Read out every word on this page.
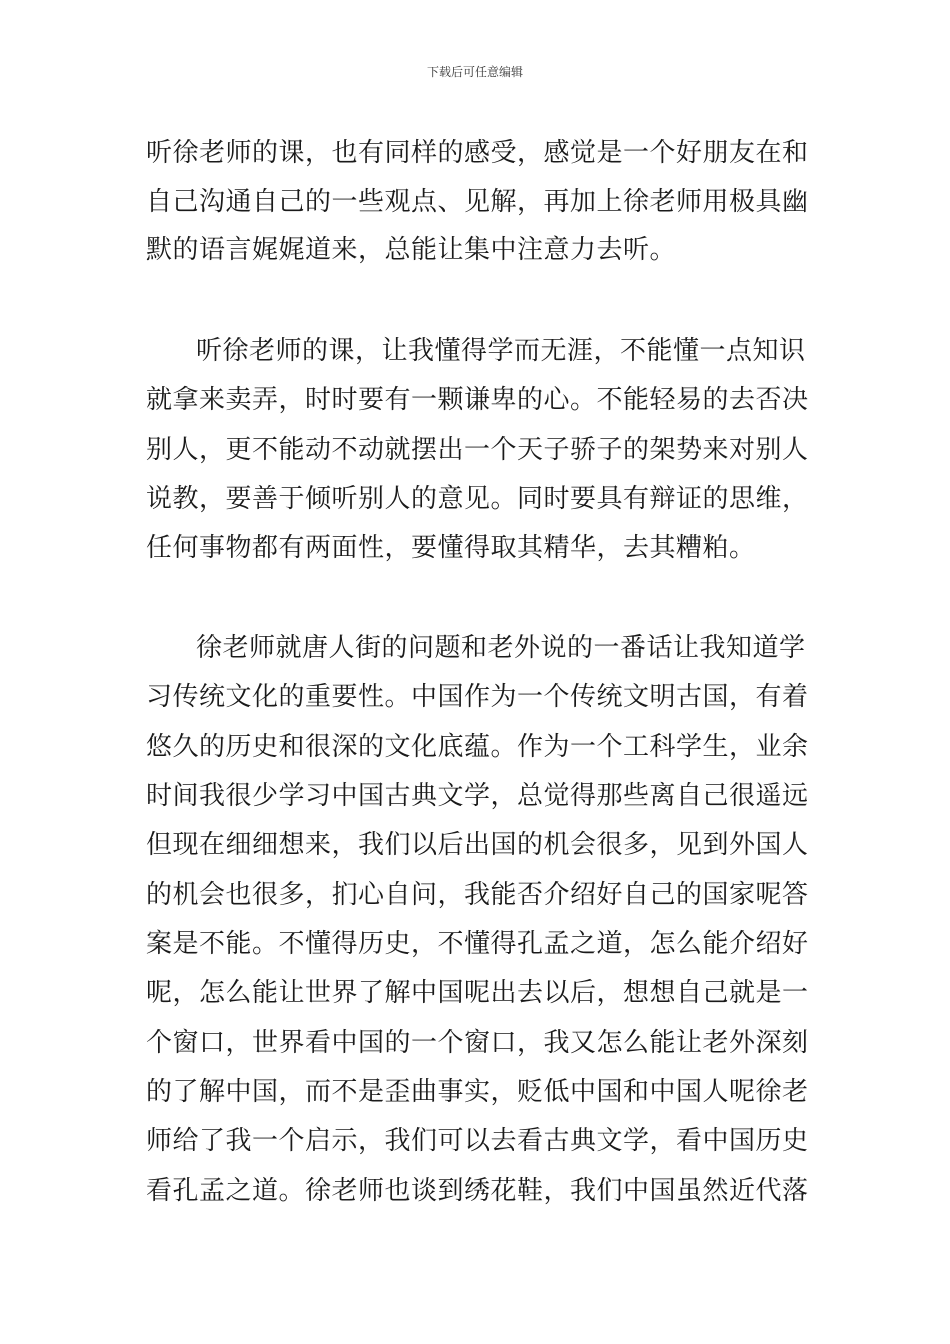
下载后可任意编辑
听徐老师的课，也有同样的感受，感觉是一个好朋友在和
自己沟通自己的一些观点、见解，再加上徐老师用极具幽
默的语言娓娓道来，总能让集中注意力去听。
听徐老师的课，让我懂得学而无涯，不能懂一点知识
就拿来卖弄，时时要有一颗谦卑的心。不能轻易的去否决
别人，更不能动不动就摆出一个天子骄子的架势来对别人
说教，要善于倾听别人的意见。同时要具有辩证的思维，
任何事物都有两面性，要懂得取其精华，去其糟粕。
徐老师就唐人街的问题和老外说的一番话让我知道学
习传统文化的重要性。中国作为一个传统文明古国，有着
悠久的历史和很深的文化底蕴。作为一个工科学生，业余
时间我很少学习中国古典文学，总觉得那些离自己很遥远
但现在细细想来，我们以后出国的机会很多，见到外国人
的机会也很多，扪心自问，我能否介绍好自己的国家呢答
案是不能。不懂得历史，不懂得孔孟之道，怎么能介绍好
呢，怎么能让世界了解中国呢出去以后，想想自己就是一
个窗口，世界看中国的一个窗口，我又怎么能让老外深刻
的了解中国，而不是歪曲事实，贬低中国和中国人呢徐老
师给了我一个启示，我们可以去看古典文学，看中国历史
看孔孟之道。徐老师也谈到绣花鞋，我们中国虽然近代落
